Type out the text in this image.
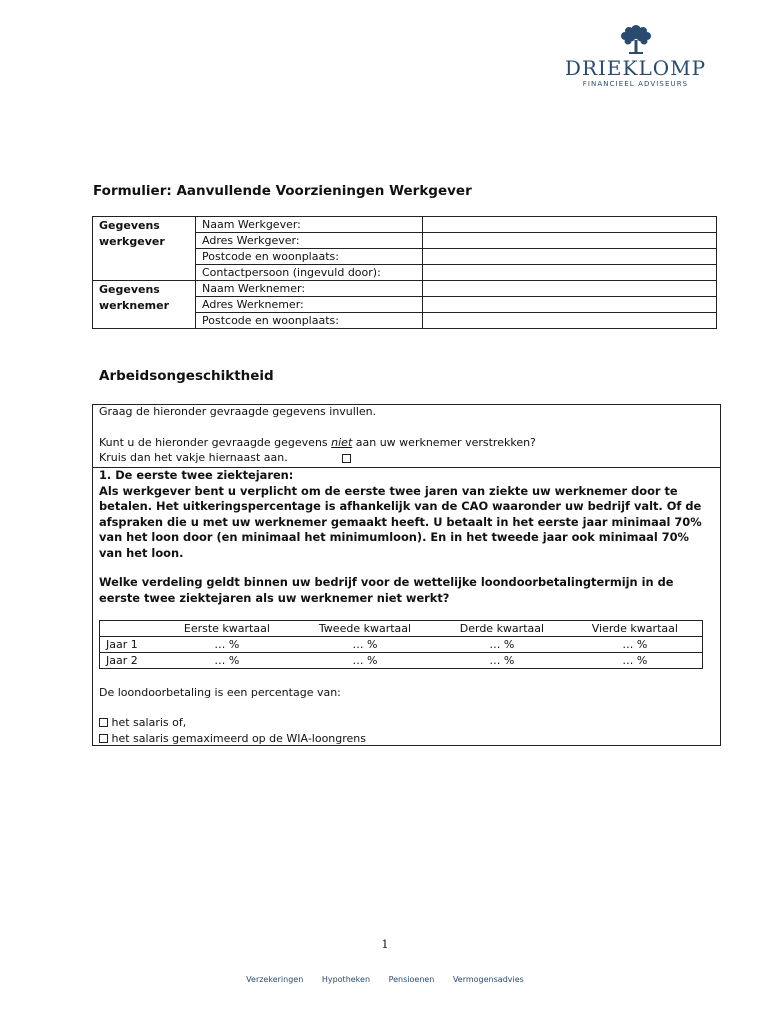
DRIEKLOMP
FINANCIEEL ADVISEURS
Formulier: Aanvullende Voorzieningen Werkgever
Gegevens
werkgever	Naam Werkgever:	
	Adres Werkgever:	
	Postcode en woonplaats:	
	Contactpersoon (ingevuld door):	
Gegevens
werknemer	Naam Werknemer:	
	Adres Werknemer:	
	Postcode en woonplaats:	
Arbeidsongeschiktheid
Graag de hieronder gevraagde gegevens invullen.
Kunt u de hieronder gevraagde gegevens niet aan uw werknemer verstrekken?
Kruis dan het vakje hiernaast aan.
1. De eerste twee ziektejaren:
Als werkgever bent u verplicht om de eerste twee jaren van ziekte uw werknemer door te
betalen. Het uitkeringspercentage is afhankelijk van de CAO waaronder uw bedrijf valt. Of de
afspraken die u met uw werknemer gemaakt heeft. U betaalt in het eerste jaar minimaal 70%
van het loon door (en minimaal het minimumloon). En in het tweede jaar ook minimaal 70%
van het loon.
Welke verdeling geldt binnen uw bedrijf voor de wettelijke loondoorbetalingtermijn in de
eerste twee ziektejaren als uw werknemer niet werkt?
	Eerste kwartaal	Tweede kwartaal	Derde kwartaal	Vierde kwartaal
Jaar 1	… %	… %	… %	… %
Jaar 2	… %	… %	… %	… %
De loondoorbetaling is een percentage van:
het salaris of,
het salaris gemaximeerd op de WIA-loongrens
1
Verzekeringen Hypotheken Pensioenen Vermogensadvies
